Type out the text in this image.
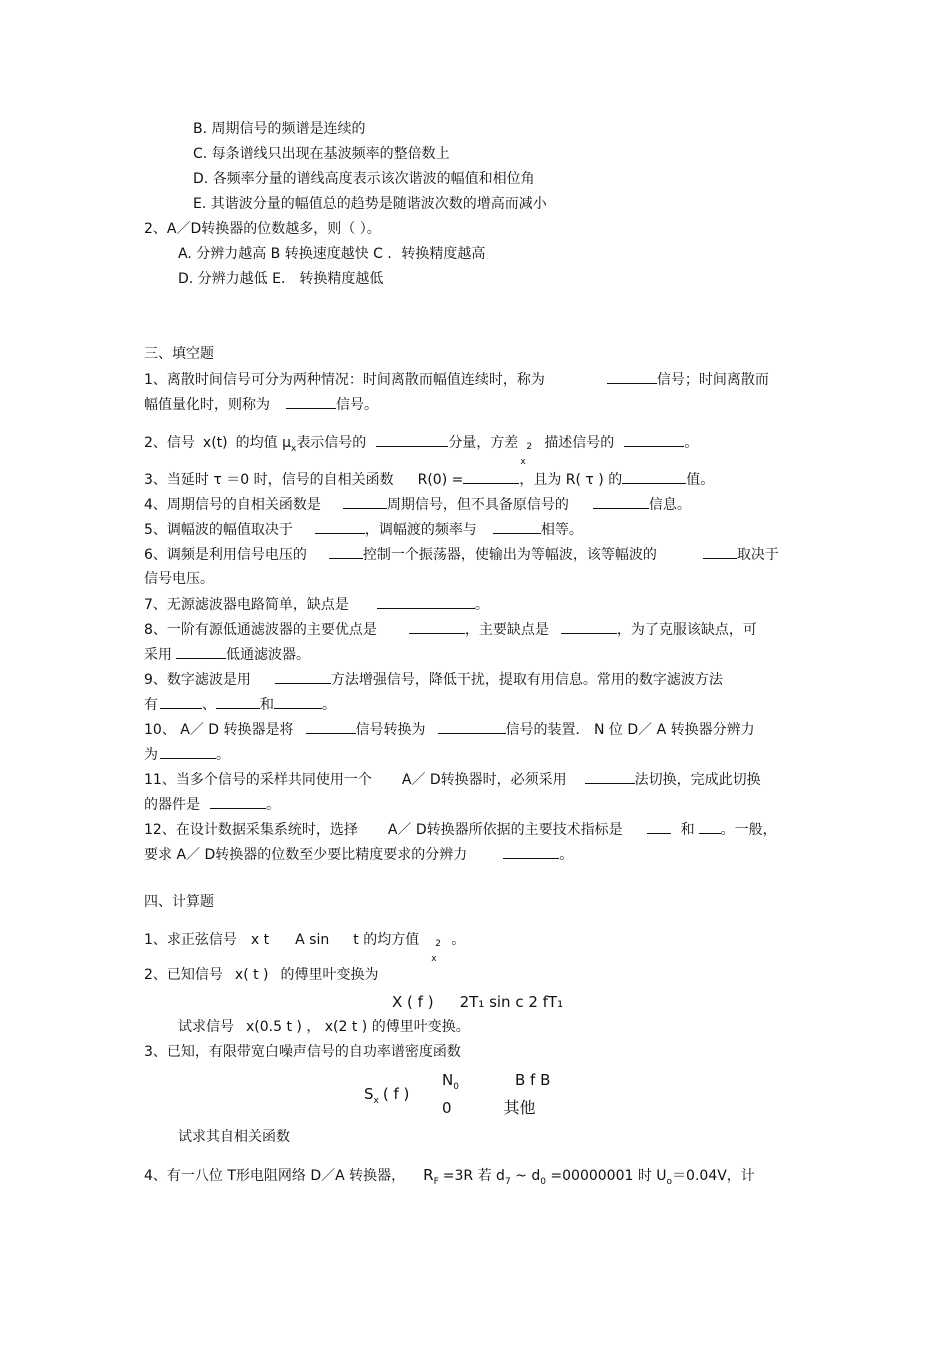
B. 周期信号的频谱是连续的
C. 每条谱线只出现在基波频率的整倍数上
D. 各频率分量的谱线高度表示该次谐波的幅值和相位角
E. 其谐波分量的幅值总的趋势是随谐波次数的增高而减小
2、A／D转换器的位数越多，则（ ）。
A. 分辨力越高 B 转换速度越快 C ．转换精度越高
D. 分辨力越低 E． 转换精度越低
三、填空题
1、离散时间信号可分为两种情况：时间离散而幅值连续时，称为	信号；时间离散而
幅值量化时，则称为	信号。
2、信号 x(t) 的均值 $\mu_x$表示信号的	分量，方差 2
x
描述信号的	。
3、当延时 τ ＝0 时，信号的自相关函数 R(0) =	，且为 R( τ ) 的	值。
4、周期信号的自相关函数是	周期信号，但不具备原信号的	信息。
5、调幅波的幅值取决于	，调幅渡的频率与	相等。
6、调频是利用信号电压的	控制一个振荡器，使输出为等幅波，该等幅波的	取决于
信号电压。
7、无源滤波器电路简单，缺点是	。
8、一阶有源低通滤波器的主要优点是	，主要缺点是	，为了克服该缺点，可
采用	低通滤波器。
9、数字滤波是用	方法增强信号，降低干扰，提取有用信息。常用的数字滤波方法
有	、	和	。
10、 A／ D 转换器是将	信号转换为	信号的装置． N 位 D／ A 转换器分辨力
为	。
11、当多个信号的采样共同使用一个 A／ D转换器时，必须采用	法切换，完成此切换
的器件是	。
12、在设计数据采集系统时，选择 A／ D转换器所依据的主要技术指标是	和 。一般，
要求 A／ D转换器的位数至少要比精度要求的分辨力	。
四、计算题
1、求正弦信号 x t A sin t 的均方值 2
x
。
2、已知信号 x( t ) 的傅里叶变换为
X ( f ) 2T₁ sin c 2 fT₁
试求信号 x(0.5 t ) ， x(2 t ) 的傅里叶变换。
3、已知，有限带宽白噪声信号的自功率谱密度函数
$S_x$ ( f )
$N_0$	B f B
0	其他
试求其自相关函数
4、有一八位 T形电阻网络 D／A 转换器， $R_F =3R$ 若 $d_7$ ~ $d_0 =00000001$ 时 $U_o=0.04V$，计
